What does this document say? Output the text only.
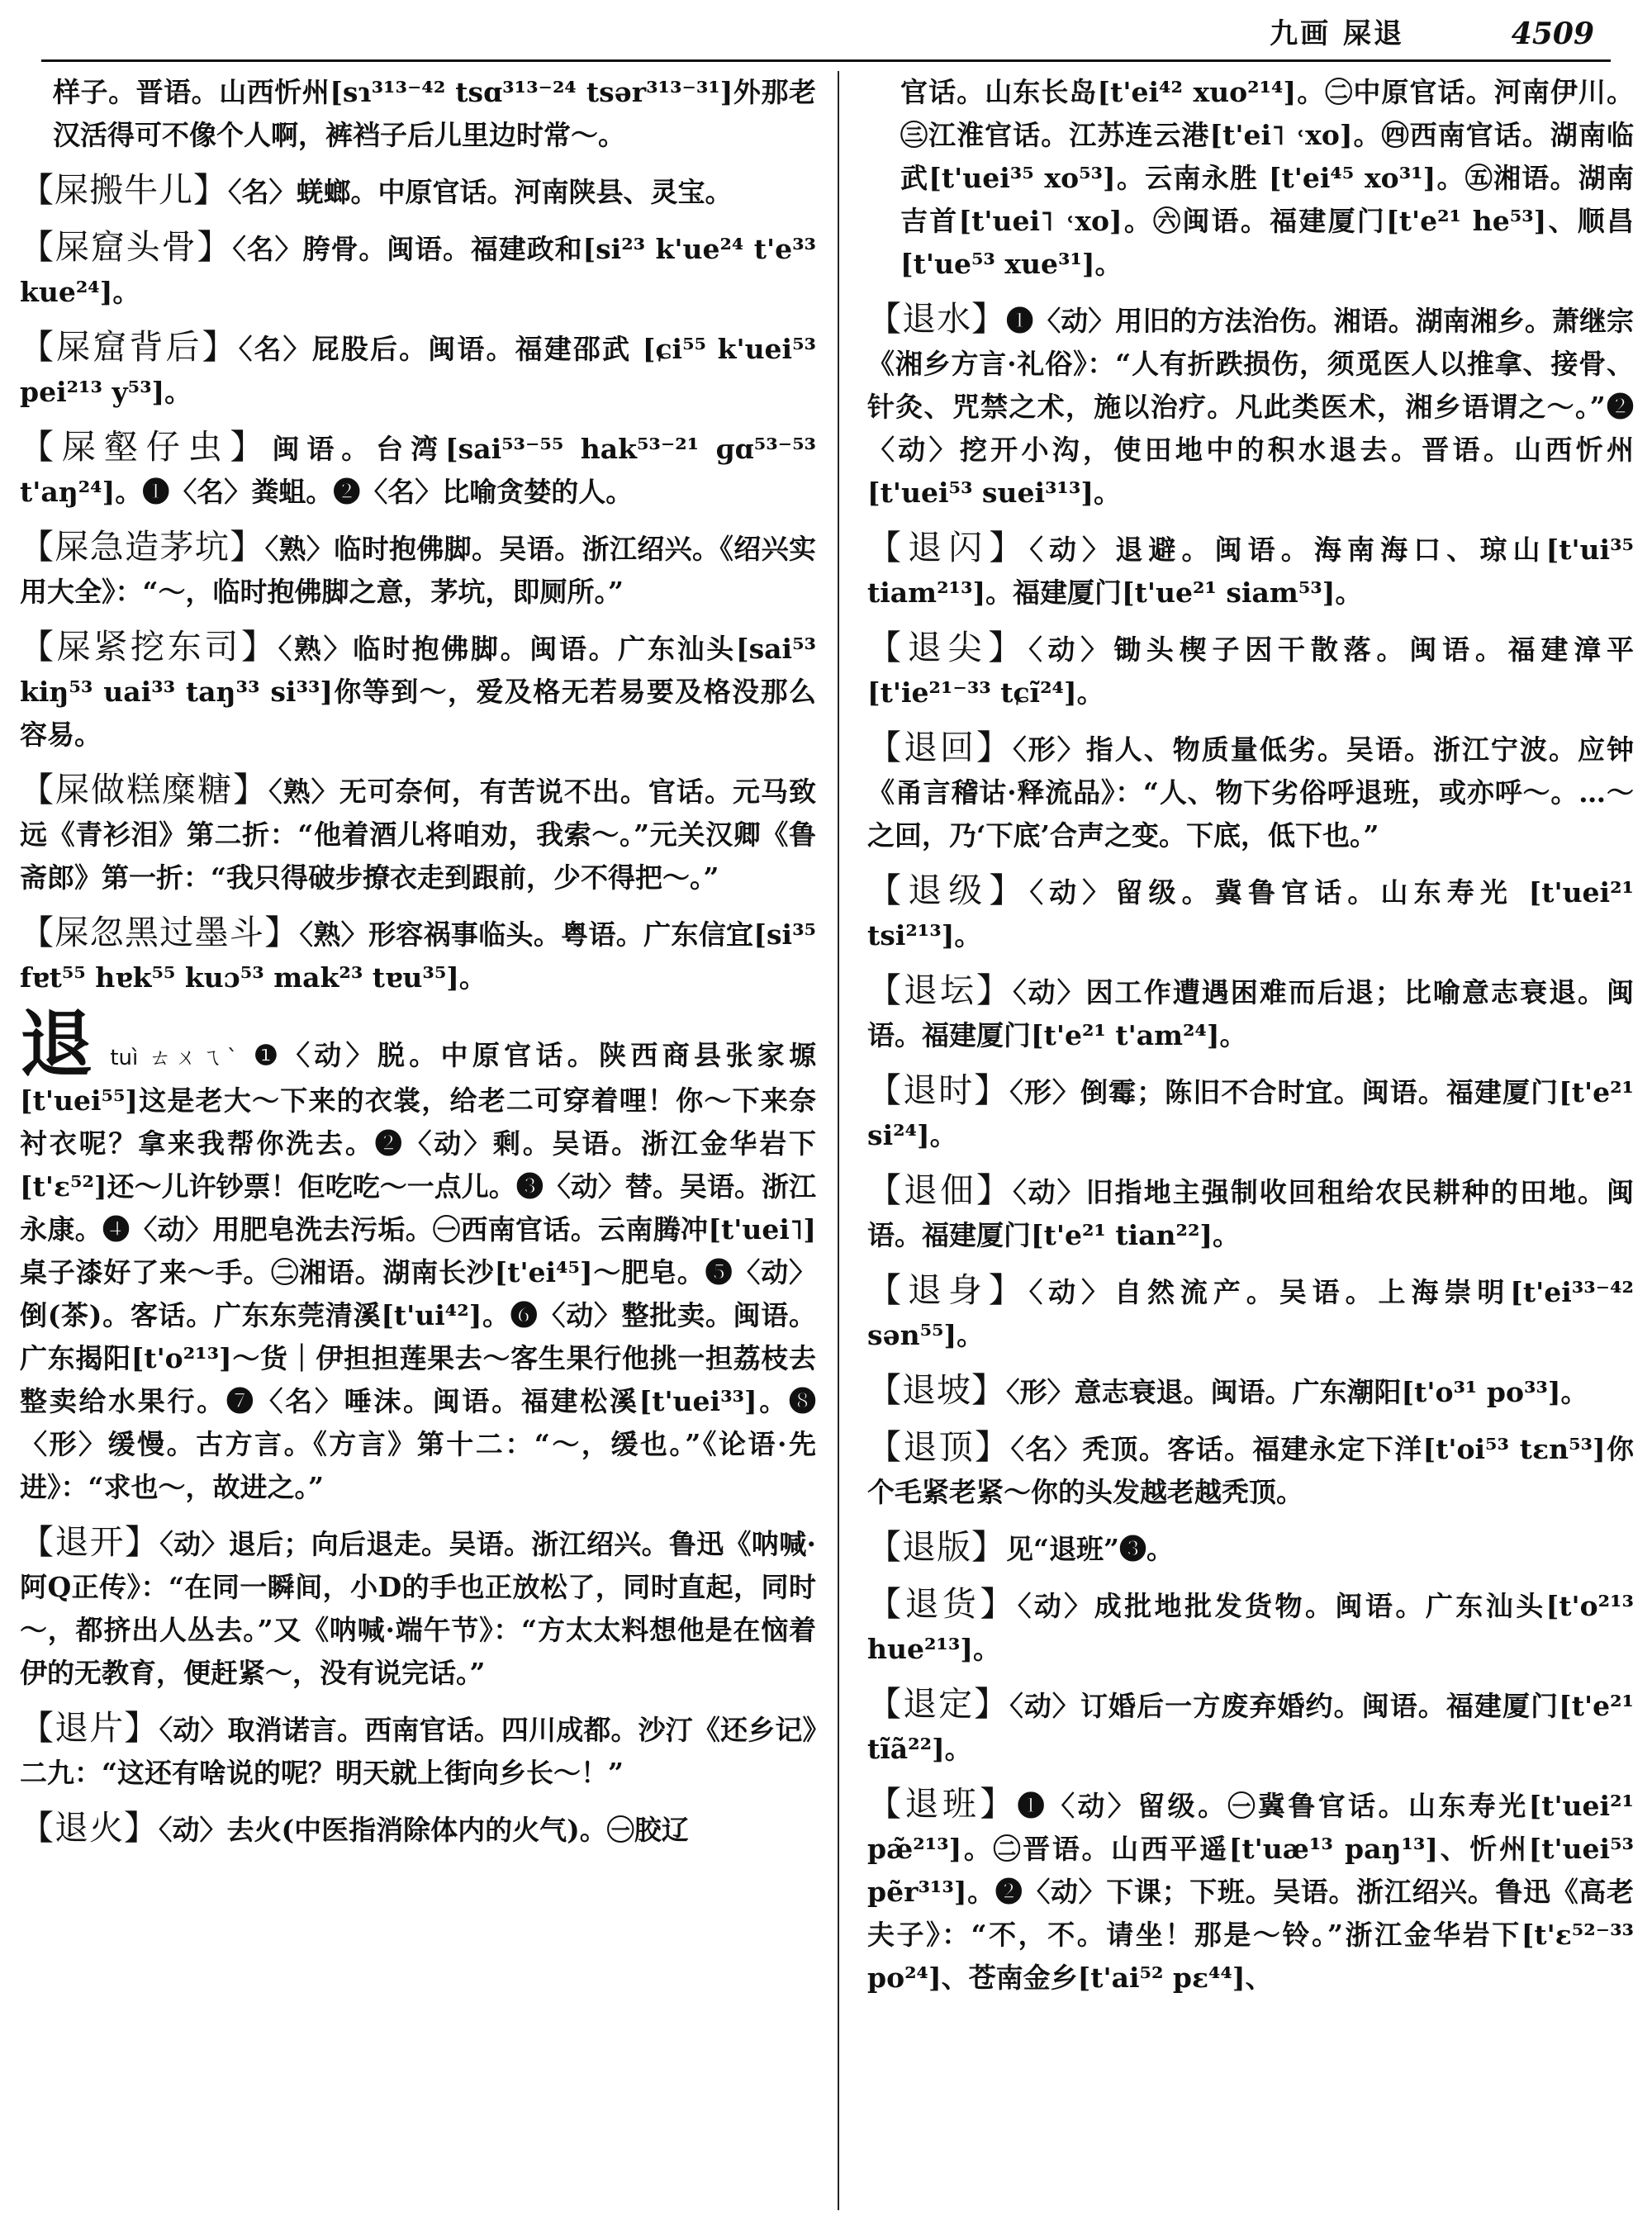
九画 屎退	4509

样子。晋语。山西忻州[sɿ³¹³⁻⁴² tsɑ³¹³⁻²⁴ tsər³¹³⁻³¹]外那老汉活得可不像个人啊，裤裆子后儿里边时常～。

【屎搬牛儿】〈名〉蜣螂。中原官话。河南陕县、灵宝。

【屎窟头骨】〈名〉胯骨。闽语。福建政和[si²³ k'ue²⁴ t'e³³ kue²⁴]。

【屎窟背后】〈名〉屁股后。闽语。福建邵武 [ɕi⁵⁵ k'uei⁵³ pei²¹³ y⁵³]。

【屎壑仔虫】闽语。台湾[sai⁵³⁻⁵⁵ hak⁵³⁻²¹ ɡɑ⁵³⁻⁵³ t'aŋ²⁴]。❶〈名〉粪蛆。❷〈名〉比喻贪婪的人。

【屎急造茅坑】〈熟〉临时抱佛脚。吴语。浙江绍兴。《绍兴实用大全》：“～，临时抱佛脚之意，茅坑，即厕所。”

【屎紧挖东司】〈熟〉临时抱佛脚。闽语。广东汕头[sai⁵³ kiŋ⁵³ uai³³ taŋ³³ si³³]你等到～，爱及格无若易要及格没那么容易。

【屎做糕糜糖】〈熟〉无可奈何，有苦说不出。官话。元马致远《青衫泪》第二折：“他着酒儿将咱劝，我索～。”元关汉卿《鲁斋郎》第一折：“我只得破步撩衣走到跟前，少不得把～。”

【屎忽黑过墨斗】〈熟〉形容祸事临头。粤语。广东信宜[si³⁵ fɐt⁵⁵ hɐk⁵⁵ kuɔ⁵³ mak²³ tɐu³⁵]。

退tuì ㄊㄨㄟˋ ❶〈动〉脱。中原官话。陕西商县张家塬[t'uei⁵⁵]这是老大～下来的衣裳，给老二可穿着哩！你～下来奈衬衣呢？拿来我帮你洗去。❷〈动〉剩。吴语。浙江金华岩下[t'ɛ⁵²]还～儿许钞票！佢吃吃～一点儿。❸〈动〉替。吴语。浙江永康。❹〈动〉用肥皂洗去污垢。㊀西南官话。云南腾冲[t'uei˥]桌子漆好了来～手。㊁湘语。湖南长沙[t'ei⁴⁵]～肥皂。❺〈动〉倒(茶)。客话。广东东莞清溪[t'ui⁴²]。❻〈动〉整批卖。闽语。广东揭阳[t'o²¹³]～货｜伊担担莲果去～客生果行他挑一担荔枝去整卖给水果行。❼〈名〉唾沫。闽语。福建松溪[t'uei³³]。❽〈形〉缓慢。古方言。《方言》第十二：“～，缓也。”《论语·先进》：“求也～，故进之。”

【退开】〈动〉退后；向后退走。吴语。浙江绍兴。鲁迅《呐喊·阿Q正传》：“在同一瞬间，小D的手也正放松了，同时直起，同时～，都挤出人丛去。”又《呐喊·端午节》：“方太太料想他是在恼着伊的无教育，便赶紧～，没有说完话。”

【退片】〈动〉取消诺言。西南官话。四川成都。沙汀《还乡记》二九：“这还有啥说的呢？明天就上街向乡长～！”

【退火】〈动〉去火(中医指消除体内的火气)。㊀胶辽

官话。山东长岛[t'ei⁴² xuo²¹⁴]。㊁中原官话。河南伊川。㊂江淮官话。江苏连云港[t'ei˥ ˓xo]。㊃西南官话。湖南临武[t'uei³⁵ xo⁵³]。云南永胜 [t'ei⁴⁵ xo³¹]。㊄湘语。湖南吉首[t'uei˥ ˓xo]。㊅闽语。福建厦门[t'e²¹ he⁵³]、顺昌[t'ue⁵³ xue³¹]。

【退水】❶〈动〉用旧的方法治伤。湘语。湖南湘乡。萧继宗《湘乡方言·礼俗》：“人有折跌损伤，须觅医人以推拿、接骨、针灸、咒禁之术，施以治疗。凡此类医术，湘乡语谓之～。”❷〈动〉挖开小沟，使田地中的积水退去。晋语。山西忻州[t'uei⁵³ suei³¹³]。

【退闪】〈动〉退避。闽语。海南海口、琼山[t'ui³⁵ tiam²¹³]。福建厦门[t'ue²¹ siam⁵³]。

【退尖】〈动〉锄头楔子因干散落。闽语。福建漳平[t'ie²¹⁻³³ tɕĩ²⁴]。

【退回】〈形〉指人、物质量低劣。吴语。浙江宁波。应钟《甬言稽诂·释流品》：“人、物下劣俗呼退班，或亦呼～。…～之回，乃‘下底’合声之变。下底，低下也。”

【退级】〈动〉留级。冀鲁官话。山东寿光 [t'uei²¹ tsi²¹³]。

【退坛】〈动〉因工作遭遇困难而后退；比喻意志衰退。闽语。福建厦门[t'e²¹ t'am²⁴]。

【退时】〈形〉倒霉；陈旧不合时宜。闽语。福建厦门[t'e²¹ si²⁴]。

【退佃】〈动〉旧指地主强制收回租给农民耕种的田地。闽语。福建厦门[t'e²¹ tian²²]。

【退身】〈动〉自然流产。吴语。上海崇明[t'ei³³⁻⁴² sən⁵⁵]。

【退坡】〈形〉意志衰退。闽语。广东潮阳[t'o³¹ po³³]。

【退顶】〈名〉秃顶。客话。福建永定下洋[t'oi⁵³ tɛn⁵³]你个毛紧老紧～你的头发越老越秃顶。

【退版】见“退班”❸。

【退货】〈动〉成批地批发货物。闽语。广东汕头[t'o²¹³ hue²¹³]。

【退定】〈动〉订婚后一方废弃婚约。闽语。福建厦门[t'e²¹ tĩã²²]。

【退班】❶〈动〉留级。㊀冀鲁官话。山东寿光[t'uei²¹ pæ̃²¹³]。㊁晋语。山西平遥[t'uæ¹³ paŋ¹³]、忻州[t'uei⁵³ pẽr³¹³]。❷〈动〉下课；下班。吴语。浙江绍兴。鲁迅《高老夫子》：“不，不。请坐！那是～铃。”浙江金华岩下[t'ɛ⁵²⁻³³ po²⁴]、苍南金乡[t'ai⁵² pɛ⁴⁴]、
